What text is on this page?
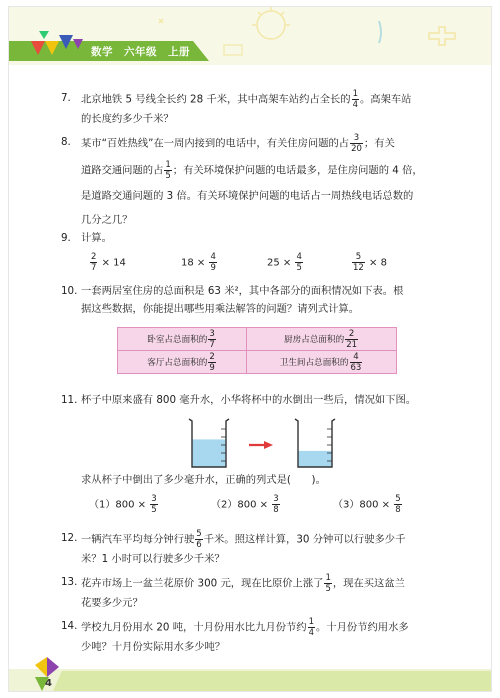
数学　六年级　上册
7. 北京地铁 5 号线全长约 28 千米，其中高架车站约占全长的 $\frac{1}{4}$ 。高架车站
的长度约多少千米？
8. 某市“百姓热线”在一周内接到的电话中，有关住房问题的占 $\frac{3}{20}$ ；有关
道路交通问题的占 $\frac{1}{5}$ ；有关环境保护问题的电话最多，是住房问题的 4 倍，
是道路交通问题的 3 倍。有关环境保护问题的电话占一周热线电话总数的
几分之几？
9. 计算。
$\frac{2}{7} \times 14$	$18 \times \frac{4}{9}$	$25 \times \frac{4}{5}$	$\frac{5}{12} \times 8$
10. 一套两居室住房的总面积是 63 米²，其中各部分的面积情况如下表。根
据这些数据，你能提出哪些用乘法解答的问题？请列式计算。
卧室占总面积的 $\frac{3}{7}$	厨房占总面积的 $\frac{2}{21}$

客厅占总面积的 $\frac{2}{9}$	卫生间占总面积的 $\frac{4}{63}$
11. 杯子中原来盛有 800 毫升水，小华将杯中的水倒出一些后，情况如下图。
求从杯子中倒出了多少毫升水，正确的列式是(　　)。
$(1)800 \times \frac{3}{5}$	$(2)800 \times \frac{3}{8}$	$(3)800 \times \frac{5}{8}$
12. 一辆汽车平均每分钟行驶 $\frac{5}{6}$ 千米。照这样计算，30 分钟可以行驶多少千
米？1 小时可以行驶多少千米？
13. 花卉市场上一盆兰花原价 300 元，现在比原价上涨了 $\frac{1}{5}$ ，现在买这盆兰
花要多少元？
14. 学校九月份用水 20 吨，十月份用水比九月份节约 $\frac{1}{4}$ 。十月份节约用水多
少吨？十月份实际用水多少吨？
4
